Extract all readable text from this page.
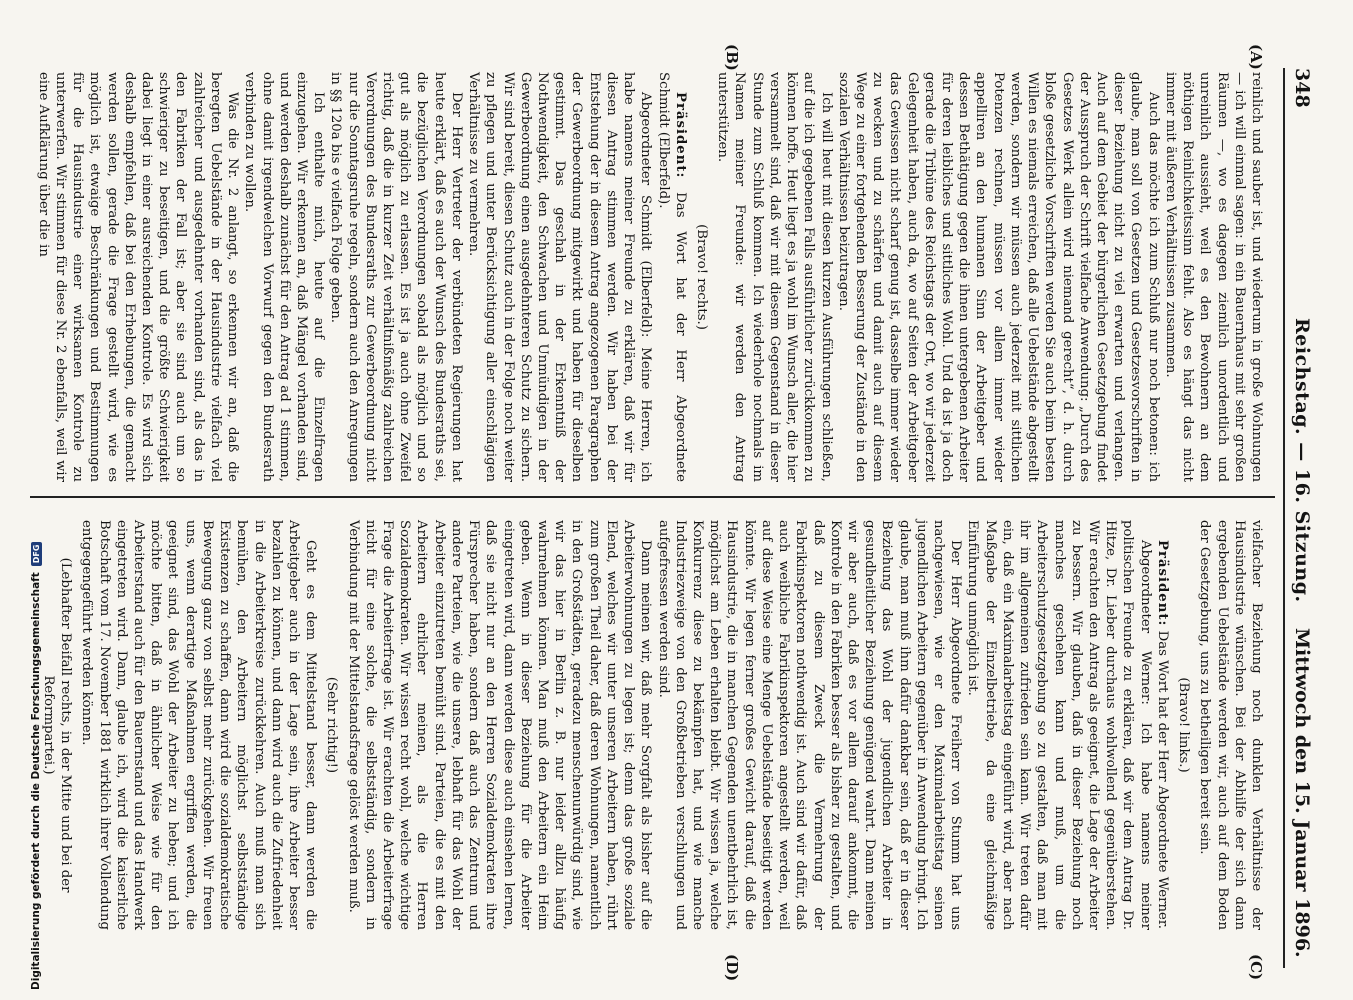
348
Reichstag. — 16. Sitzung.
Mittwoch den 15. Januar 1896.
(A)
(B)
(C)
(D)

reinlich und sauber ist, und wiederum in große Wohnungen — ich will einmal sagen: in ein Bauernhaus mit sehr großen Räumen —, wo es dagegen ziemlich unordentlich und unreinlich aussieht, weil es den Bewohnern an dem nöthigen Reinlichkeitssinn fehlt. Also es hängt das nicht immer mit äußeren Verhältnissen zusammen.

Auch das möchte ich zum Schluß nur noch betonen: ich glaube, man soll von Gesetzen und Gesetzesvorschriften in dieser Beziehung nicht zu viel erwarten und verlangen. Auch auf dem Gebiet der bürgerlichen Gesetzgebung findet der Ausspruch der Schrift vielfache Anwendung: „Durch des Gesetzes Werk allein wird niemand gerecht“, d. h. durch bloße gesetzliche Vorschriften werden Sie auch beim besten Willen es niemals erreichen, daß alle Uebelstände abgestellt werden, sondern wir müssen auch jederzeit mit sittlichen Potenzen rechnen, müssen vor allem immer wieder appelliren an den humanen Sinn der Arbeitgeber und dessen Bethätigung gegen die ihnen untergebenen Arbeiter für deren leibliches und sittliches Wohl. Und da ist ja doch gerade die Tribüne des Reichstags der Ort, wo wir jederzeit Gelegenheit haben, auch da, wo auf Seiten der Arbeitgeber das Gewissen nicht scharf genug ist, dasselbe immer wieder zu wecken und zu schärfen und damit auch auf diesem Wege zu einer fortgehenden Besserung der Zustände in den sozialen Verhältnissen beizutragen.

Ich will heut mit diesen kurzen Ausführungen schließen, auf die ich gegebenen Falls ausführlicher zurückkommen zu können hoffe. Heut liegt es ja wohl im Wunsch aller, die hier versammelt sind, daß wir mit diesem Gegenstand in dieser Stunde zum Schluß kommen. Ich wiederhole nochmals im Namen meiner Freunde: wir werden den Antrag unterstützen.

(Bravo! rechts.)

Präsident: Das Wort hat der Herr Abgeordnete Schmidt (Elberfeld).

Abgeordneter Schmidt (Elberfeld): Meine Herren, ich habe namens meiner Freunde zu erklären, daß wir für diesen Antrag stimmen werden. Wir haben bei der Entstehung der in diesem Antrag angezogenen Paragraphen der Gewerbeordnung mitgewirkt und haben für dieselben gestimmt. Das geschah in der Erkenntniß der Nothwendigkeit, den Schwachen und Unmündigen in der Gewerbeordnung einen ausgedehnteren Schutz zu sichern. Wir sind bereit, diesen Schutz auch in der Folge noch weiter zu pflegen und unter Berücksichtigung aller einschlägigen Verhältnisse zu vermehren.

Der Herr Vertreter der verbündeten Regierungen hat heute erklärt, daß es auch der Wunsch des Bundesraths sei, die bezüglichen Verordnungen sobald als möglich und so gut als möglich zu erlassen. Es ist ja auch ohne Zweifel richtig, daß die in kurzer Zeit verhältnißmäßig zahlreichen Verordnungen des Bundesraths zur Gewerbeordnung nicht nur die Sonntagsruhe regeln, sondern auch den Anregungen in §§ 120a bis e vielfach Folge geben.

Ich enthalte mich, heute auf die Einzelfragen einzugehen. Wir erkennen an, daß Mängel vorhanden sind, und werden deshalb zunächst für den Antrag ad 1 stimmen, ohne damit irgendwelchen Vorwurf gegen den Bundesrath verbinden zu wollen.

Was die Nr. 2 anlangt, so erkennen wir an, daß die beregten Uebelstände in der Hausindustrie vielfach viel zahlreicher und ausgedehnter vorhanden sind, als das in den Fabriken der Fall ist; aber sie sind auch um so schwieriger zu beseitigen, und die größte Schwierigkeit dabei liegt in einer ausreichenden Kontrole. Es wird sich deshalb empfehlen, daß bei den Erhebungen, die gemacht werden sollen, gerade die Frage gestellt wird, wie es möglich ist, etwaige Beschränkungen und Bestimmungen für die Hausindustrie einer wirksamen Kontrole zu unterwerfen. Wir stimmen für diese Nr. 2 ebenfalls, weil wir eine Aufklärung über die in

vielfacher Beziehung noch dunklen Verhältnisse der Hausindustrie wünschen. Bei der Abhilfe der sich dann ergebenden Uebelstände werden wir, auch auf dem Boden der Gesetzgebung, uns zu betheiligen bereit sein.

(Bravo! links.)

Präsident: Das Wort hat der Herr Abgeordnete Werner.

Abgeordneter Werner: Ich habe namens meiner politischen Freunde zu erklären, daß wir dem Antrag Dr. Hitze, Dr. Lieber durchaus wohlwollend gegenüberstehen. Wir erachten den Antrag als geeignet, die Lage der Arbeiter zu bessern. Wir glauben, daß in dieser Beziehung noch manches geschehen kann und muß, um die Arbeiterschutzgesetzgebung so zu gestalten, daß man mit ihr im allgemeinen zufrieden sein kann. Wir treten dafür ein, daß ein Maximalarbeitstag eingeführt wird, aber nach Maßgabe der Einzelbetriebe, da eine gleichmäßige Einführung unmöglich ist.

Der Herr Abgeordnete Freiherr von Stumm hat uns nachgewiesen, wie er den Maximalarbeitstag seinen jugendlichen Arbeitern gegenüber in Anwendung bringt. Ich glaube, man muß ihm dafür dankbar sein, daß er in dieser Beziehung das Wohl der jugendlichen Arbeiter in gesundheitlicher Beziehung genügend wahrt. Dann meinen wir aber auch, daß es vor allem darauf ankommt, die Kontrole in den Fabriken besser als bisher zu gestalten, und daß zu diesem Zweck die Vermehrung der Fabrikinspektoren nothwendig ist. Auch sind wir dafür, daß auch weibliche Fabrikinspektoren angestellt werden, weil auf diese Weise eine Menge Uebelstände beseitigt werden könnte. Wir legen ferner großes Gewicht darauf, daß die Hausindustrie, die in manchen Gegenden unentbehrlich ist, möglichst am Leben erhalten bleibt. Wir wissen ja, welche Konkurrenz diese zu bekämpfen hat, und wie manche Industriezweige von den Großbetrieben verschlungen und aufgefressen werden sind.

Dann meinen wir, daß mehr Sorgfalt als bisher auf die Arbeiterwohnungen zu legen ist; denn das große soziale Elend, welches wir unter unseren Arbeitern haben, rührt zum großen Theil daher, daß deren Wohnungen, namentlich in den Großstädten, geradezu menschenunwürdig sind, wie wir das hier in Berlin z. B. nur leider allzu häufig wahrnehmen können. Man muß den Arbeitern ein Heim geben. Wenn in dieser Beziehung für die Arbeiter eingetreten wird, dann werden diese auch einsehen lernen, daß sie nicht nur an den Herren Sozialdemokraten ihre Fürsprecher haben, sondern daß auch das Zentrum und andere Parteien, wie die unsere, lebhaft für das Wohl der Arbeiter einzutreten bemüht sind. Parteien, die es mit den Arbeitern ehrlicher meinen, als die Herren Sozialdemokraten. Wir wissen recht wohl, welche wichtige Frage die Arbeiterfrage ist. Wir erachten die Arbeiterfrage nicht für eine solche, die selbstständig, sondern in Verbindung mit der Mittelstandsfrage gelöst werden muß.

(Sehr richtig!)

Geht es dem Mittelstand besser, dann werden die Arbeitgeber auch in der Lage sein, ihre Arbeiter besser bezahlen zu können, und dann wird auch die Zufriedenheit in die Arbeiterkreise zurückkehren. Auch muß man sich bemühen, den Arbeitern möglichst selbstständige Existenzen zu schaffen, dann wird die sozialdemokratische Bewegung ganz von selbst mehr zurückgehen. Wir freuen uns, wenn derartige Maßnahmen ergriffen werden, die geeignet sind, das Wohl der Arbeiter zu heben; und ich möchte bitten, daß in ähnlicher Weise wie für den Arbeiterstand auch für den Bauernstand und das Handwerk eingetreten wird. Dann, glaube ich, wird die kaiserliche Botschaft vom 17. November 1881 wirklich ihrer Vollendung entgegengeführt werden können.

(Lebhafter Beifall rechts, in der Mitte und bei der Reformpartei.)

Digitalisierung gefördert durch die Deutsche Forschungsgemeinschaft
DFG
